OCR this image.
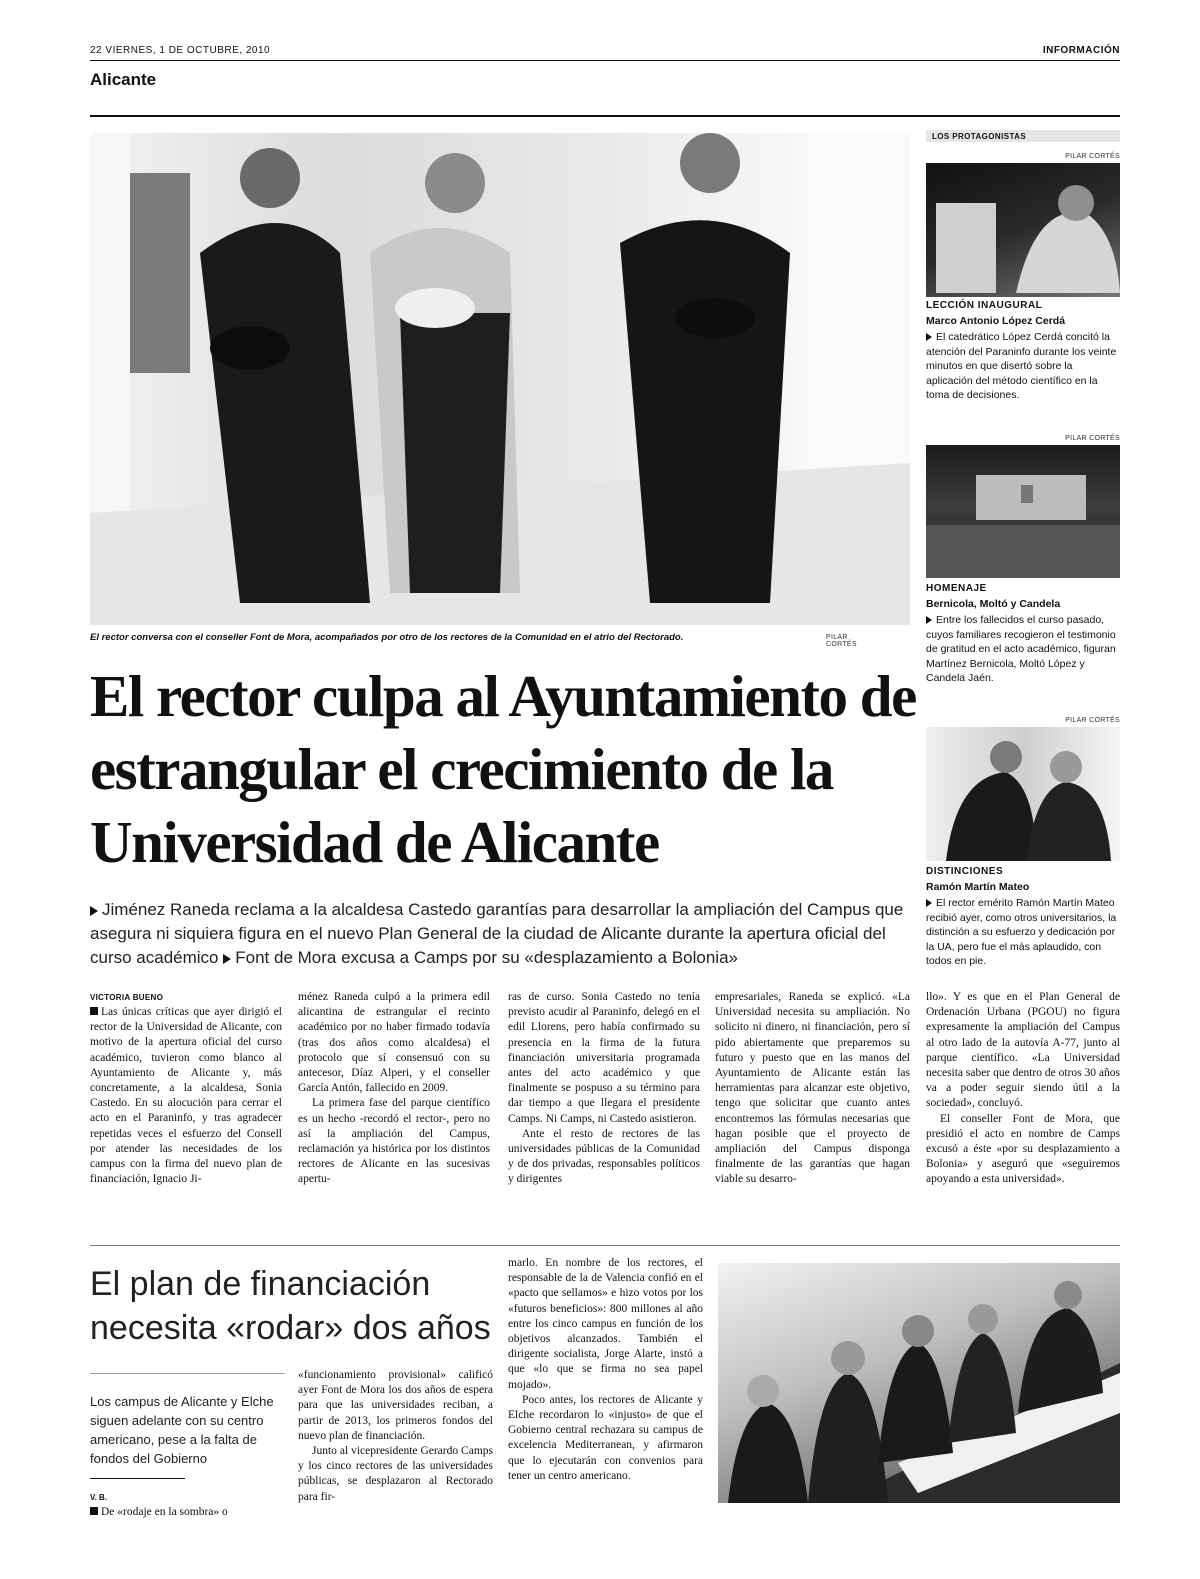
22 VIERNES, 1 DE OCTUBRE, 2010	INFORMACIÓN
Alicante
El rector conversa con el conseller Font de Mora, acompañados por otro de los rectores de la Comunidad en el atrio del Rectorado.	PILAR CORTÉS
El rector culpa al Ayuntamiento de estrangular el crecimiento de la Universidad de Alicante
Jiménez Raneda reclama a la alcaldesa Castedo garantías para desarrollar la ampliación del Campus que asegura ni siquiera figura en el nuevo Plan General de la ciudad de Alicante durante la apertura oficial del curso académico Font de Mora excusa a Camps por su «desplazamiento a Bolonia»
VICTORIA BUENO

Las únicas críticas que ayer dirigió el rector de la Universidad de Alicante, con motivo de la apertura oficial del curso académico, tuvieron como blanco al Ayuntamiento de Alicante y, más concretamente, a la alcaldesa, Sonia Castedo. En su alocución para cerrar el acto en el Paraninfo, y tras agradecer repetidas veces el esfuerzo del Consell por atender las necesidades de los campus con la firma del nuevo plan de financiación, Ignacio Ji-

ménez Raneda culpó a la primera edil alicantina de estrangular el recinto académico por no haber firmado todavía (tras dos años como alcaldesa) el protocolo que sí consensuó con su antecesor, Díaz Alperi, y el conseller García Antón, fallecido en 2009.

La primera fase del parque científico es un hecho -recordó el rector-, pero no así la ampliación del Campus, reclamación ya histórica por los distintos rectores de Alicante en las sucesivas apertu-

ras de curso. Sonia Castedo no tenía previsto acudir al Paraninfo, delegó en el edil Llorens, pero había confirmado su presencia en la firma de la futura financiación universitaria programada antes del acto académico y que finalmente se pospuso a su término para dar tiempo a que llegara el presidente Camps. Ni Camps, ni Castedo asistieron.

Ante el resto de rectores de las universidades públicas de la Comunidad y de dos privadas, responsables políticos y dirigentes

empresariales, Raneda se explicó. «La Universidad necesita su ampliación. No solicito ni dinero, ni financiación, pero sí pido abiertamente que preparemos su futuro y puesto que en las manos del Ayuntamiento de Alicante están las herramientas para alcanzar este objetivo, tengo que solicitar que cuanto antes encontremos las fórmulas necesarias que hagan posible que el proyecto de ampliación del Campus disponga finalmente de las garantías que hagan viable su desarro-

llo». Y es que en el Plan General de Ordenación Urbana (PGOU) no figura expresamente la ampliación del Campus al otro lado de la autovía A-77, junto al parque científico. «La Universidad necesita saber que dentro de otros 30 años va a poder seguir siendo útil a la sociedad», concluyó.

El conseller Font de Mora, que presidió el acto en nombre de Camps excusó a éste «por su desplazamiento a Bolonia» y aseguró que «seguiremos apoyando a esta universidad».

LOS PROTAGONISTAS
PILAR CORTÉS
LECCIÓN INAUGURAL
Marco Antonio López Cerdá
El catedrático López Cerdá concitó la atención del Paraninfo durante los veinte minutos en que disertó sobre la aplicación del método científico en la toma de decisiones.
PILAR CORTÉS
HOMENAJE
Bernicola, Moltó y Candela
Entre los fallecidos el curso pasado, cuyos familiares recogieron el testimonio de gratitud en el acto académico, figuran Martínez Bernicola, Moltó López y Candela Jaén.
PILAR CORTÉS
DISTINCIONES
Ramón Martín Mateo
El rector emérito Ramón Martín Mateo recibió ayer, como otros universitarios, la distinción a su esfuerzo y dedicación por la UA, pero fue el más aplaudido, con todos en pie.
El plan de financiación necesita «rodar» dos años
Los campus de Alicante y Elche siguen adelante con su centro americano, pese a la falta de fondos del Gobierno
V. B.

De «rodaje en la sombra» o

«funcionamiento provisional» calificó ayer Font de Mora los dos años de espera para que las universidades reciban, a partir de 2013, los primeros fondos del nuevo plan de financiación.

Junto al vicepresidente Gerardo Camps y los cinco rectores de las universidades públicas, se desplazaron al Rectorado para fir-

marlo. En nombre de los rectores, el responsable de la de Valencia confió en el «pacto que sellamos» e hizo votos por los «futuros beneficios»: 800 millones al año entre los cinco campus en función de los objetivos alcanzados. También el dirigente socialista, Jorge Alarte, instó a que «lo que se firma no sea papel mojado».

Poco antes, los rectores de Alicante y Elche recordaron lo «injusto» de que el Gobierno central rechazara su campus de excelencia Mediterranean, y afirmaron que lo ejecutarán con convenios para tener un centro americano.
